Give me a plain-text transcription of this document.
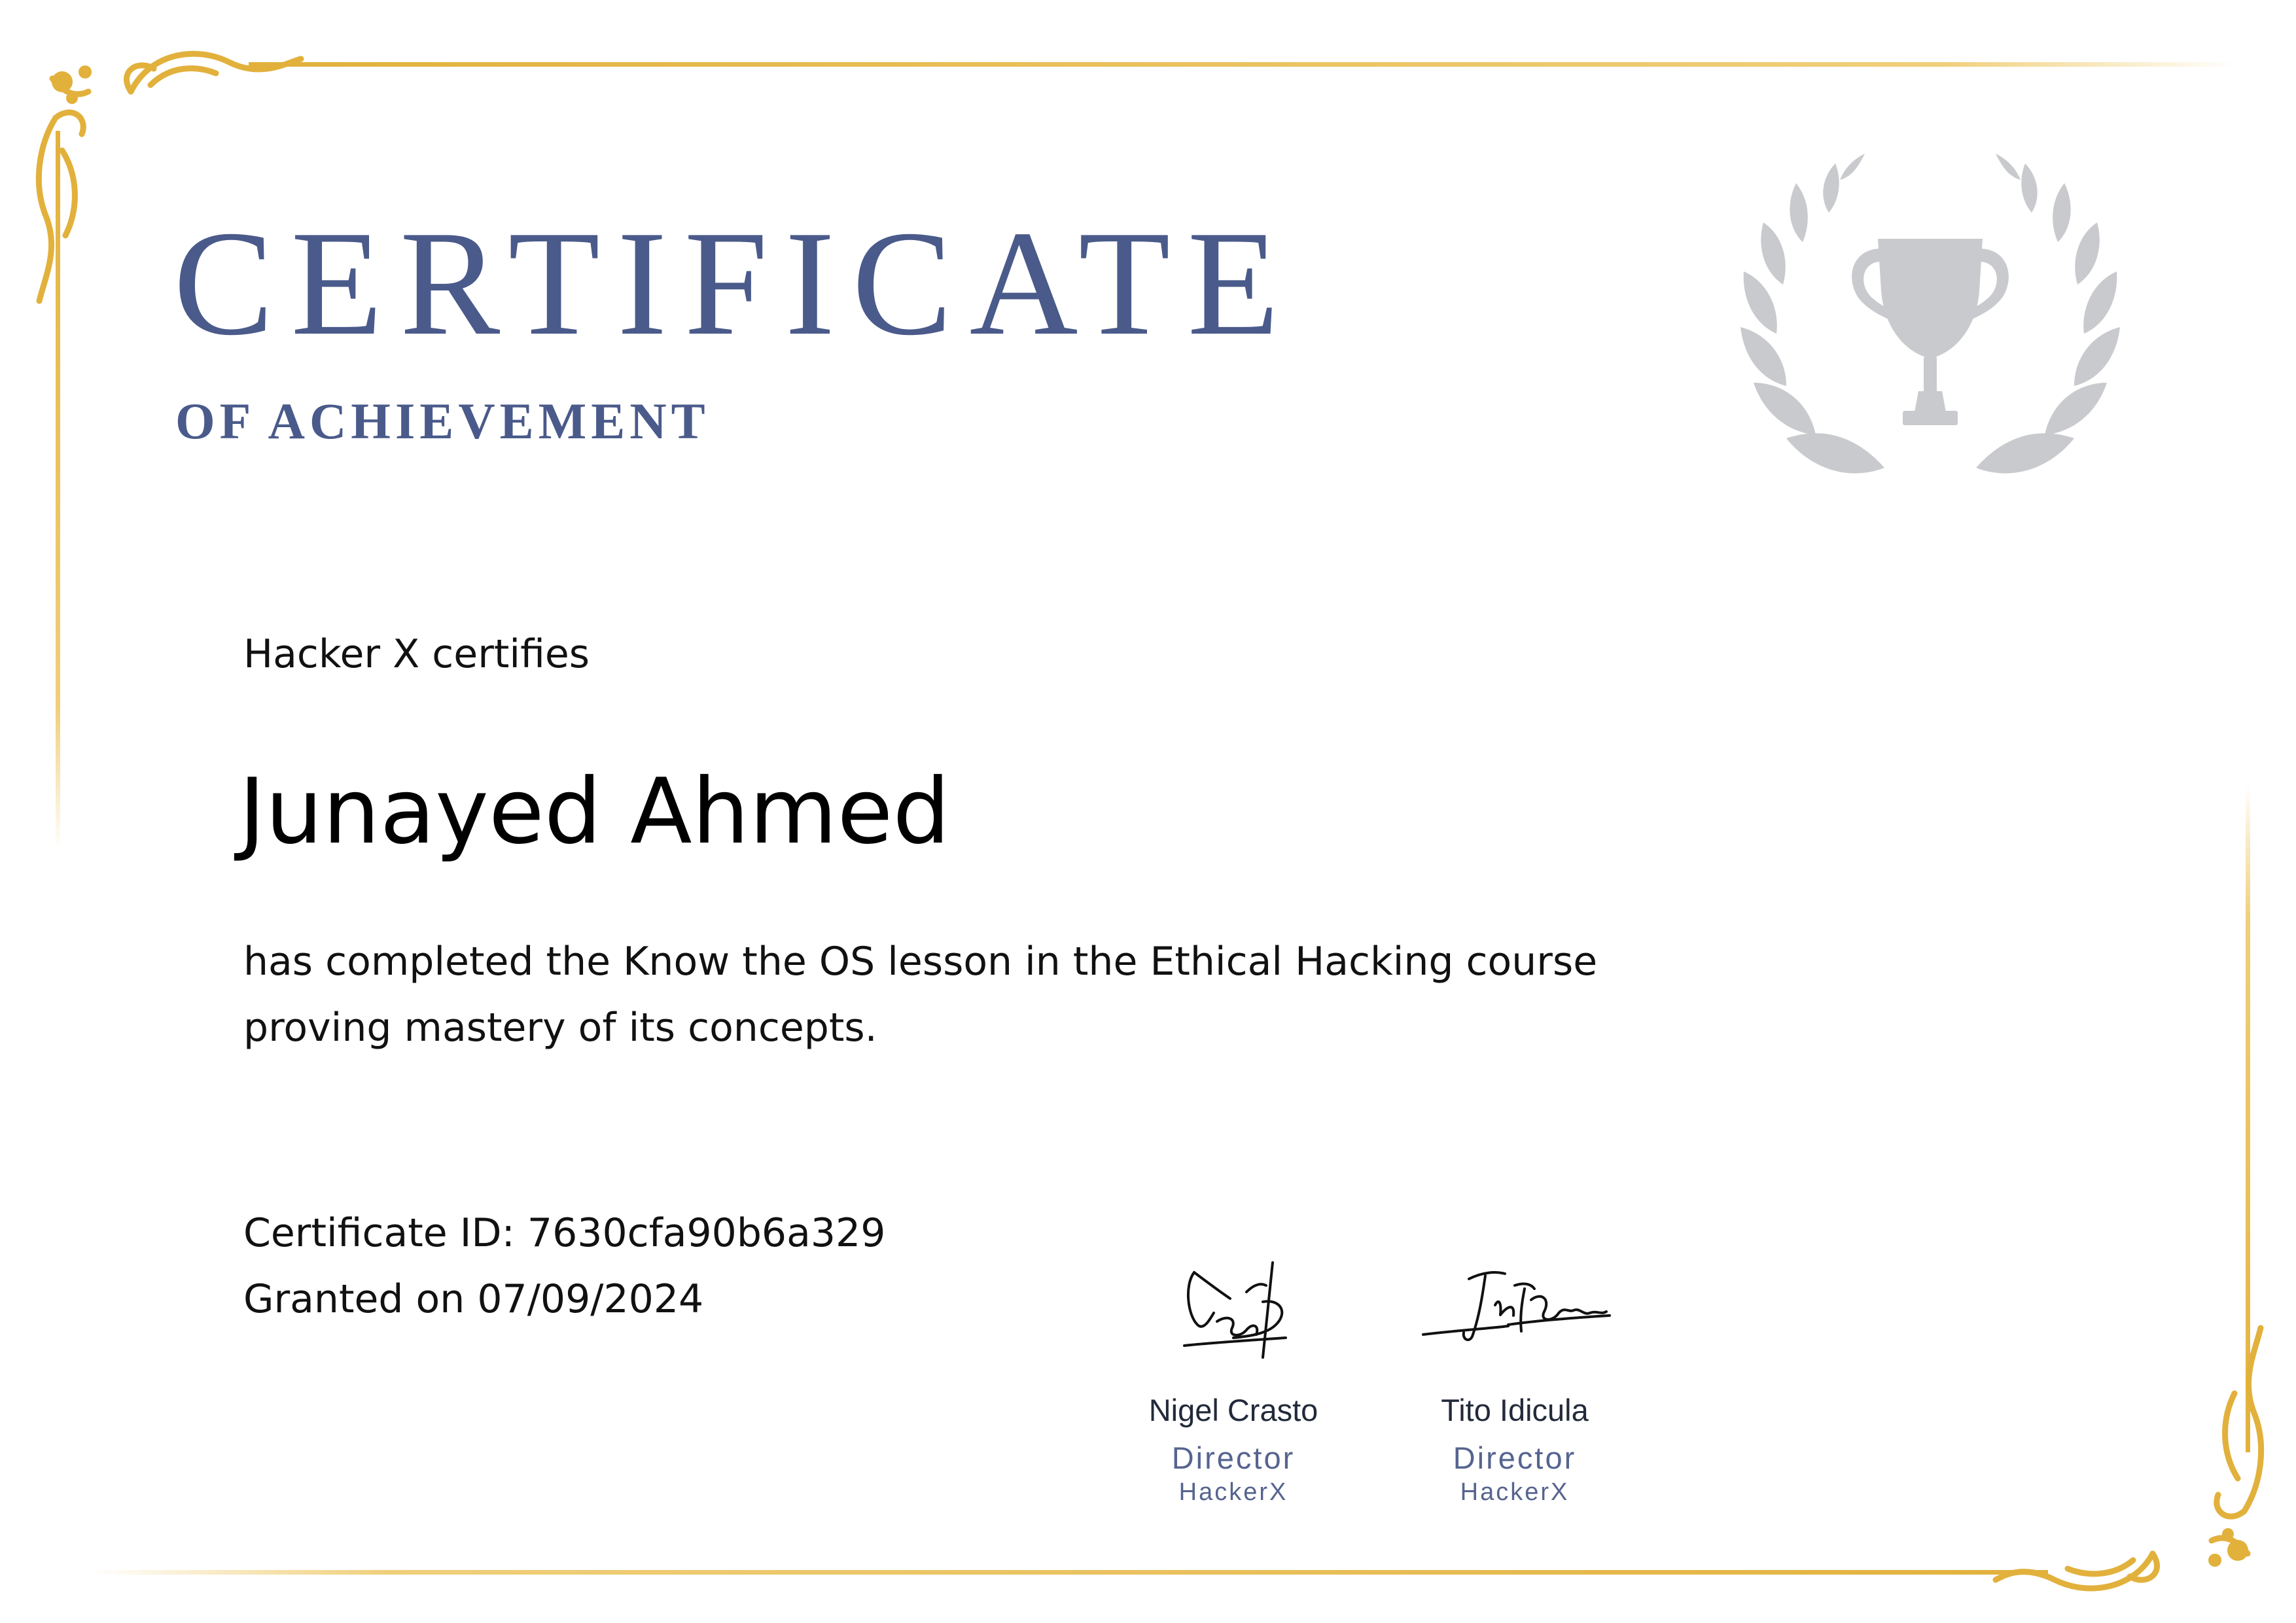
CERTIFICATE
OF ACHIEVEMENT
Hacker X certifies
Junayed Ahmed
has completed the Know the OS lesson in the Ethical Hacking course
proving mastery of its concepts.
Certificate ID: 7630cfa90b6a329
Granted on 07/09/2024
Nigel Crasto
Director
HackerX
Tito Idicula
Director
HackerX
